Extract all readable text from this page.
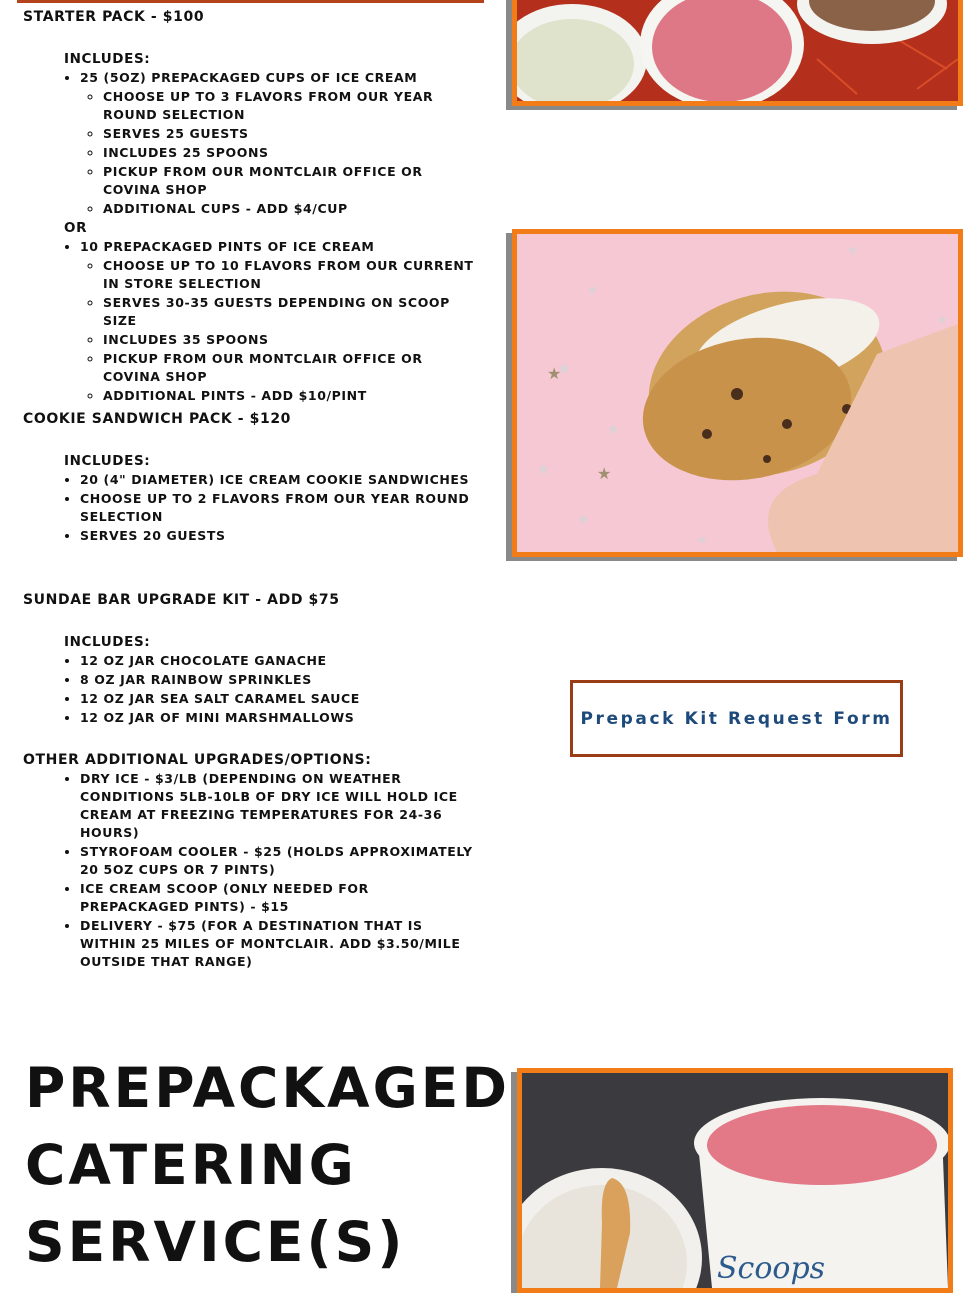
STARTER PACK - $100

INCLUDES:

• 25 (5OZ) PREPACKAGED CUPS OF ICE CREAM
◦ CHOOSE UP TO 3 FLAVORS FROM OUR YEAR ROUND SELECTION
◦ SERVES 25 GUESTS
◦ INCLUDES 25 SPOONS
◦ PICKUP FROM OUR MONTCLAIR OFFICE OR COVINA SHOP
◦ ADDITIONAL CUPS - ADD $4/CUP

OR

• 10 PREPACKAGED PINTS OF ICE CREAM
◦ CHOOSE UP TO 10 FLAVORS FROM OUR CURRENT IN STORE SELECTION
◦ SERVES 30-35 GUESTS DEPENDING ON SCOOP SIZE
◦ INCLUDES 35 SPOONS
◦ PICKUP FROM OUR MONTCLAIR OFFICE OR COVINA SHOP
◦ ADDITIONAL PINTS - ADD $10/PINT

COOKIE SANDWICH PACK - $120

INCLUDES:

• 20 (4" DIAMETER) ICE CREAM COOKIE SANDWICHES
• CHOOSE UP TO 2 FLAVORS FROM OUR YEAR ROUND SELECTION
• SERVES 20 GUESTS

SUNDAE BAR UPGRADE KIT - ADD $75

INCLUDES:

• 12 OZ JAR CHOCOLATE GANACHE
• 8 OZ JAR RAINBOW SPRINKLES
• 12 OZ JAR SEA SALT CARAMEL SAUCE
• 12 OZ JAR OF MINI MARSHMALLOWS

OTHER ADDITIONAL UPGRADES/OPTIONS:

• DRY ICE - $3/LB (DEPENDING ON WEATHER CONDITIONS 5LB-10LB OF DRY ICE WILL HOLD ICE CREAM AT FREEZING TEMPERATURES FOR 24-36 HOURS)
• STYROFOAM COOLER - $25 (HOLDS APPROXIMATELY 20 5OZ CUPS OR 7 PINTS)
• ICE CREAM SCOOP (ONLY NEEDED FOR PREPACKAGED PINTS) - $15
• DELIVERY - $75 (FOR A DESTINATION THAT IS WITHIN 25 MILES OF MONTCLAIR. ADD $3.50/MILE OUTSIDE THAT RANGE)
★
★
★
★
★
★
★
★
★
★
Prepack Kit Request Form
PREPACKAGED CATERING SERVICE(S)	Scoops
